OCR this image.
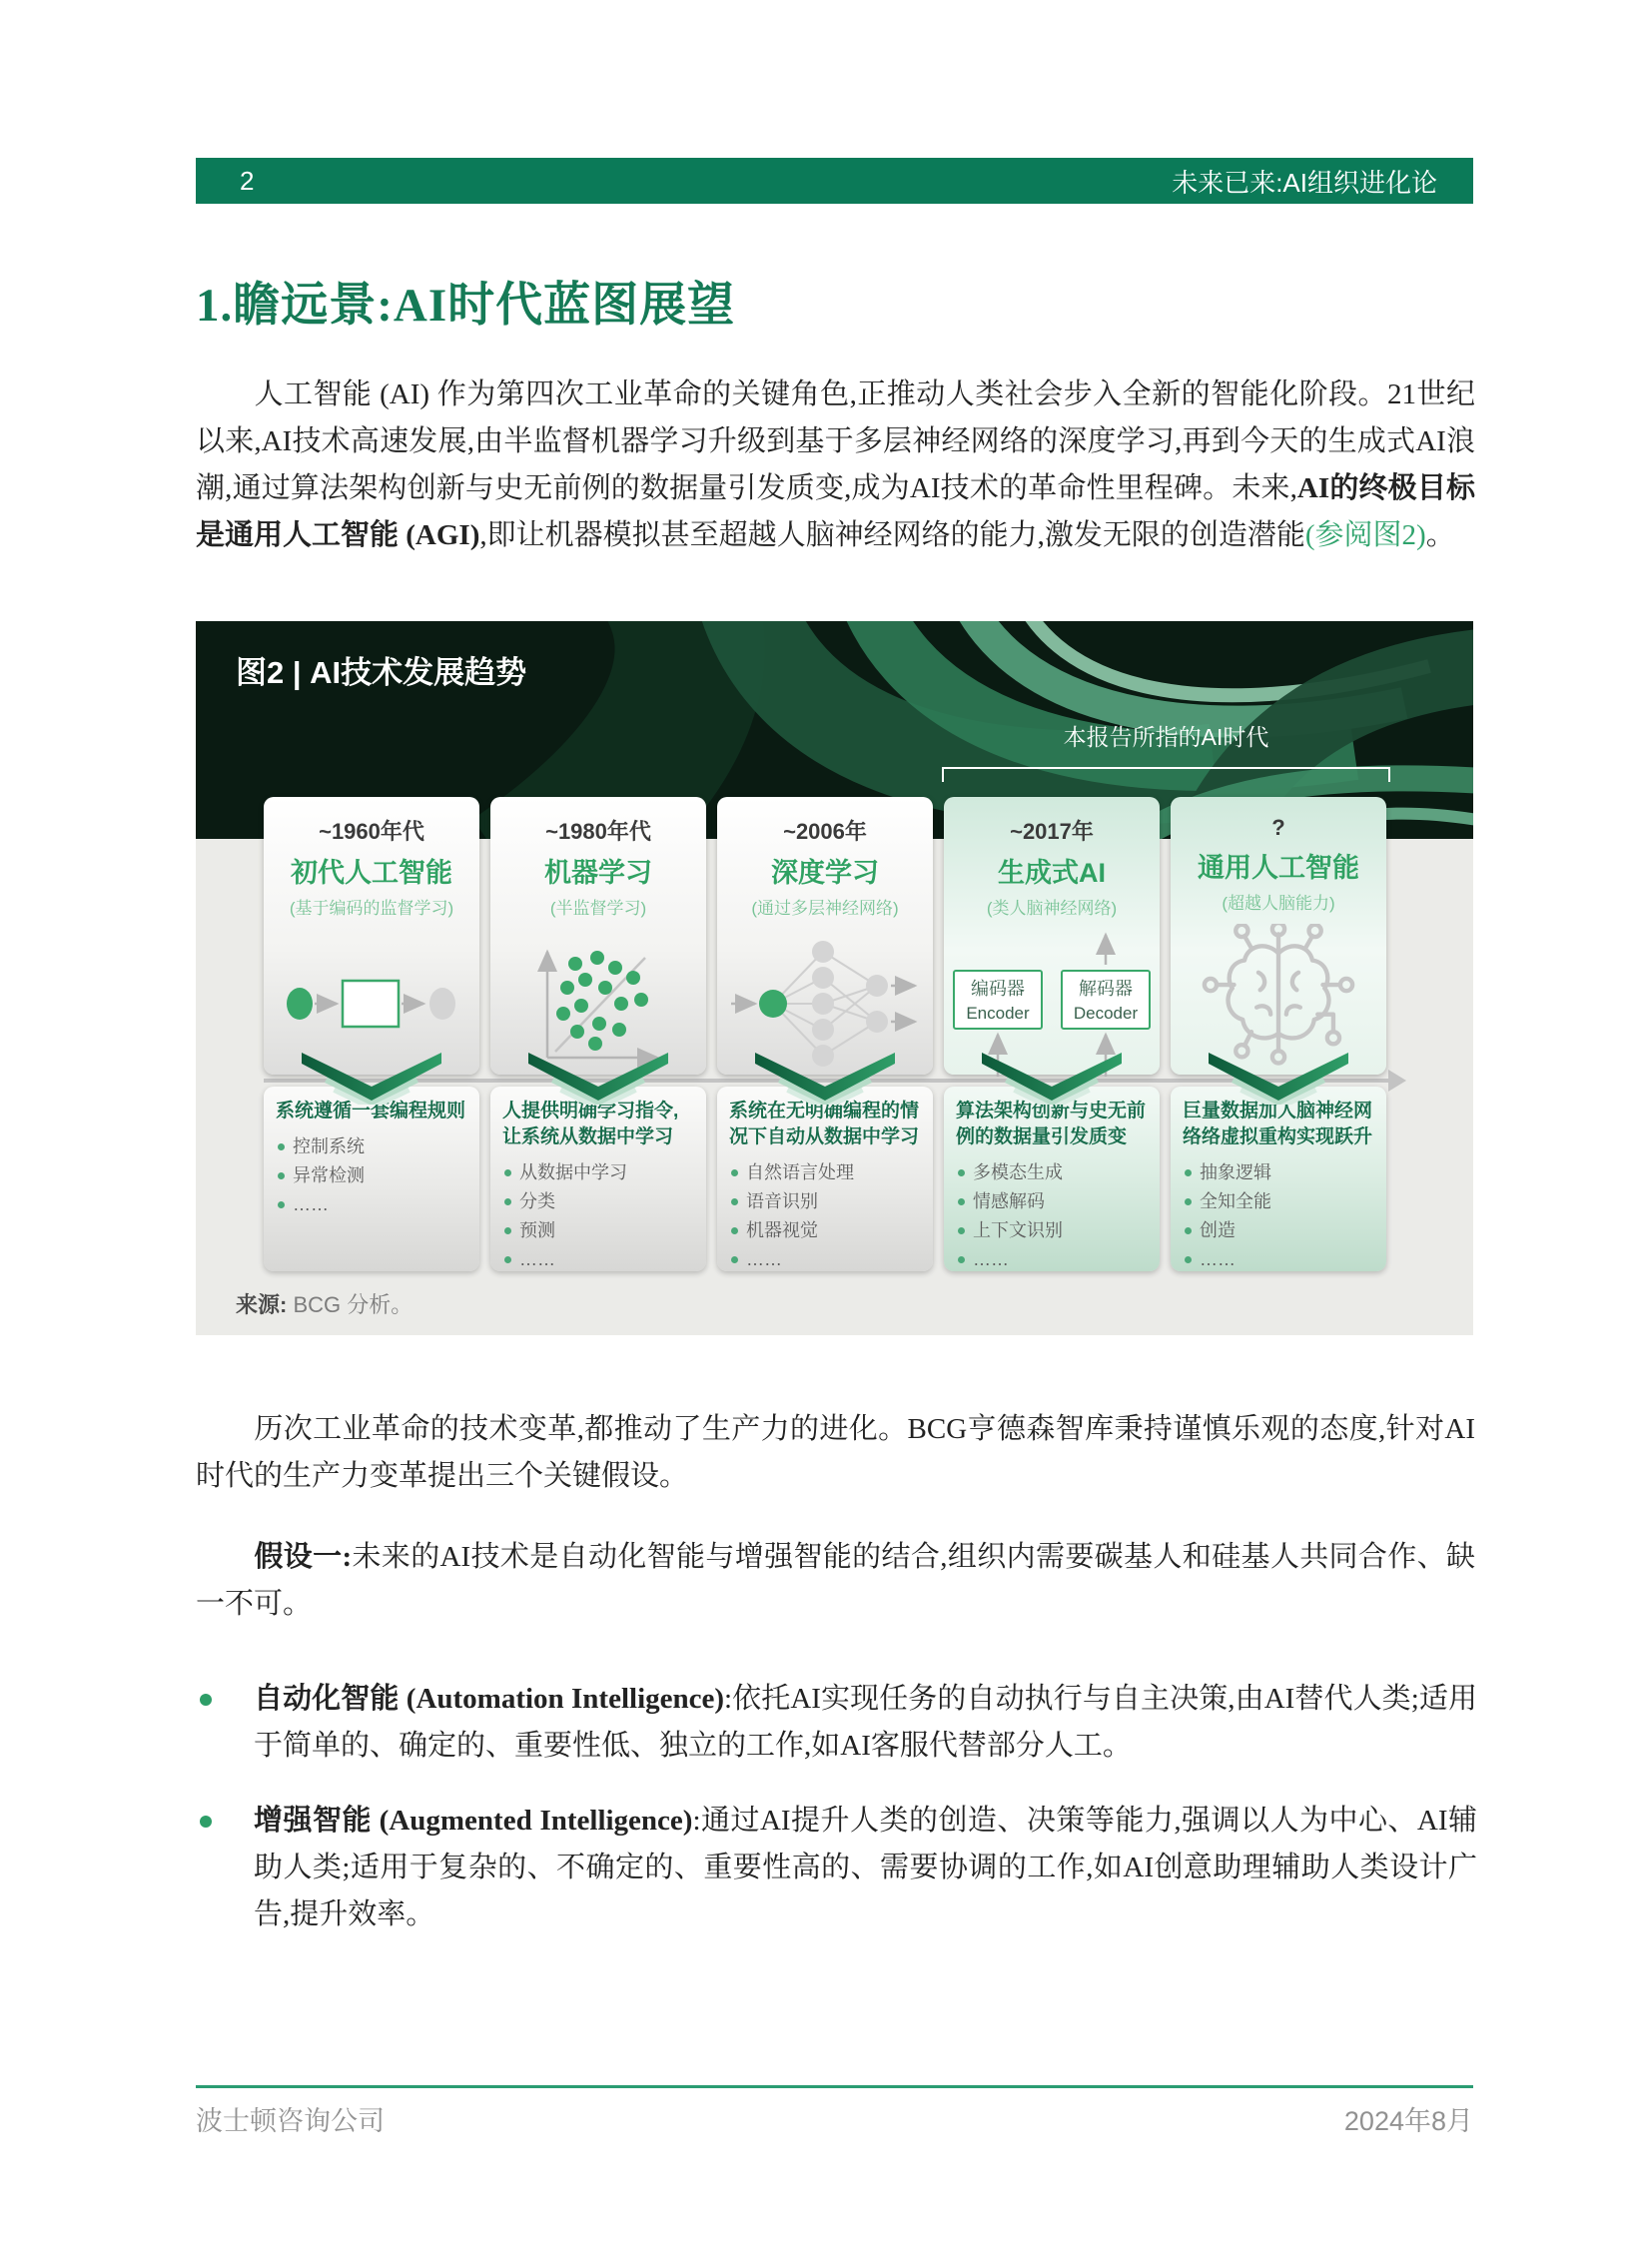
2	未来已来:AI组织进化论
1.瞻远景:AI时代蓝图展望
人工智能 (AI) 作为第四次工业革命的关键角色,正推动人类社会步入全新的智能化阶段。21世纪以来,AI技术高速发展,由半监督机器学习升级到基于多层神经网络的深度学习,再到今天的生成式AI浪潮,通过算法架构创新与史无前例的数据量引发质变,成为AI技术的革命性里程碑。未来,AI的终极目标是通用人工智能 (AGI),即让机器模拟甚至超越人脑神经网络的能力,激发无限的创造潜能(参阅图2)。
图2 | AI技术发展趋势
本报告所指的AI时代
~1960年代
初代人工智能
(基于编码的监督学习)
系统遵循一套编程规则
控制系统
异常检测
……
~1980年代
机器学习
(半监督学习)
人提供明确学习指令,让系统从数据中学习
从数据中学习
分类
预测
……
~2006年
深度学习
(通过多层神经网络)
系统在无明确编程的情况下自动从数据中学习
自然语言处理
语音识别
机器视觉
……
~2017年
生成式AI
(类人脑神经网络)
编码器
Encoder
解码器
Decoder
算法架构创新与史无前例的数据量引发质变
多模态生成
情感解码
上下文识别
……
?
通用人工智能
(超越人脑能力)
巨量数据加人脑神经网络络虚拟重构实现跃升
抽象逻辑
全知全能
创造
……
来源: BCG 分析。
历次工业革命的技术变革,都推动了生产力的进化。BCG亨德森智库秉持谨慎乐观的态度,针对AI时代的生产力变革提出三个关键假设。
假设一:未来的AI技术是自动化智能与增强智能的结合,组织内需要碳基人和硅基人共同合作、缺一不可。
自动化智能 (Automation Intelligence):依托AI实现任务的自动执行与自主决策,由AI替代人类;适用于简单的、确定的、重要性低、独立的工作,如AI客服代替部分人工。
增强智能 (Augmented Intelligence):通过AI提升人类的创造、决策等能力,强调以人为中心、AI辅助人类;适用于复杂的、不确定的、重要性高的、需要协调的工作,如AI创意助理辅助人类设计广告,提升效率。
波士顿咨询公司	2024年8月
